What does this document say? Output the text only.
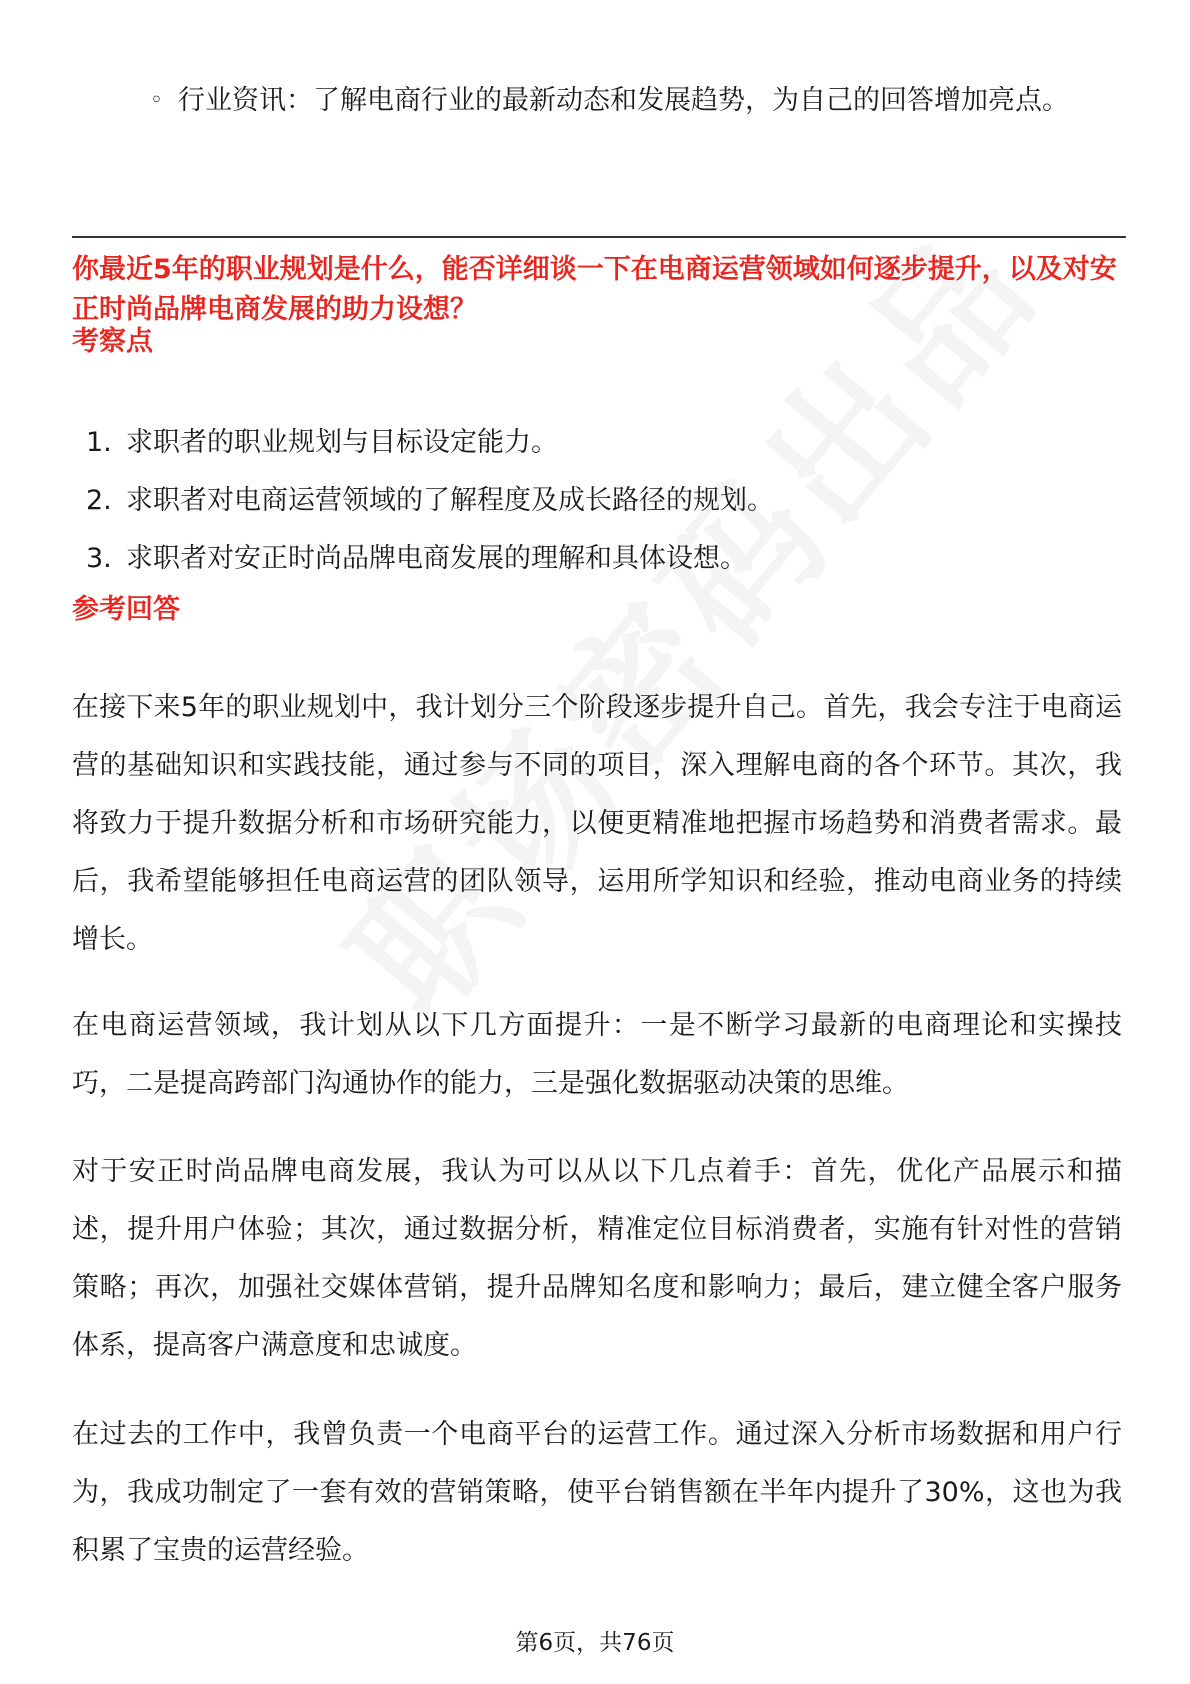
◦ 行业资讯：了解电商行业的最新动态和发展趋势，为自己的回答增加亮点。
你最近5年的职业规划是什么，能否详细谈一下在电商运营领域如何逐步提升，以及对安正时尚品牌电商发展的助力设想？
考察点
1. 求职者的职业规划与目标设定能力。
2. 求职者对电商运营领域的了解程度及成长路径的规划。
3. 求职者对安正时尚品牌电商发展的理解和具体设想。
参考回答
在接下来5年的职业规划中，我计划分三个阶段逐步提升自己。首先，我会专注于电商运营的基础知识和实践技能，通过参与不同的项目，深入理解电商的各个环节。其次，我将致力于提升数据分析和市场研究能力，以便更精准地把握市场趋势和消费者需求。最后，我希望能够担任电商运营的团队领导，运用所学知识和经验，推动电商业务的持续增长。
在电商运营领域，我计划从以下几方面提升：一是不断学习最新的电商理论和实操技巧，二是提高跨部门沟通协作的能力，三是强化数据驱动决策的思维。
对于安正时尚品牌电商发展，我认为可以从以下几点着手：首先，优化产品展示和描述，提升用户体验；其次，通过数据分析，精准定位目标消费者，实施有针对性的营销策略；再次，加强社交媒体营销，提升品牌知名度和影响力；最后，建立健全客户服务体系，提高客户满意度和忠诚度。
在过去的工作中，我曾负责一个电商平台的运营工作。通过深入分析市场数据和用户行为，我成功制定了一套有效的营销策略，使平台销售额在半年内提升了30%，这也为我积累了宝贵的运营经验。
第6页，共76页
